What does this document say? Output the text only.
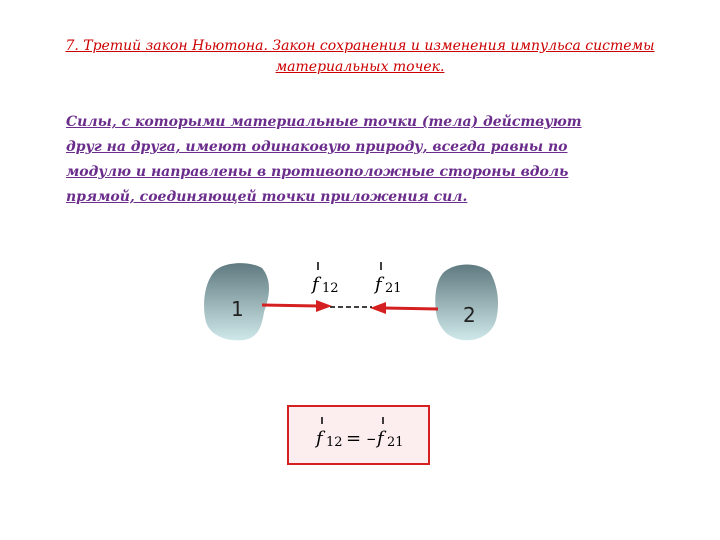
7. Третий закон Ньютона. Закон сохранения и изменения импульса системы
материальных точек.
Силы, с которыми материальные точки (тела) действуют
друг на друга, имеют одинаковую природу, всегда равны по
модулю и направлены в противоположные стороны вдоль
прямой, соединяющей точки приложения сил.
1	2
f 12 f 21
f 12 = – f 21
